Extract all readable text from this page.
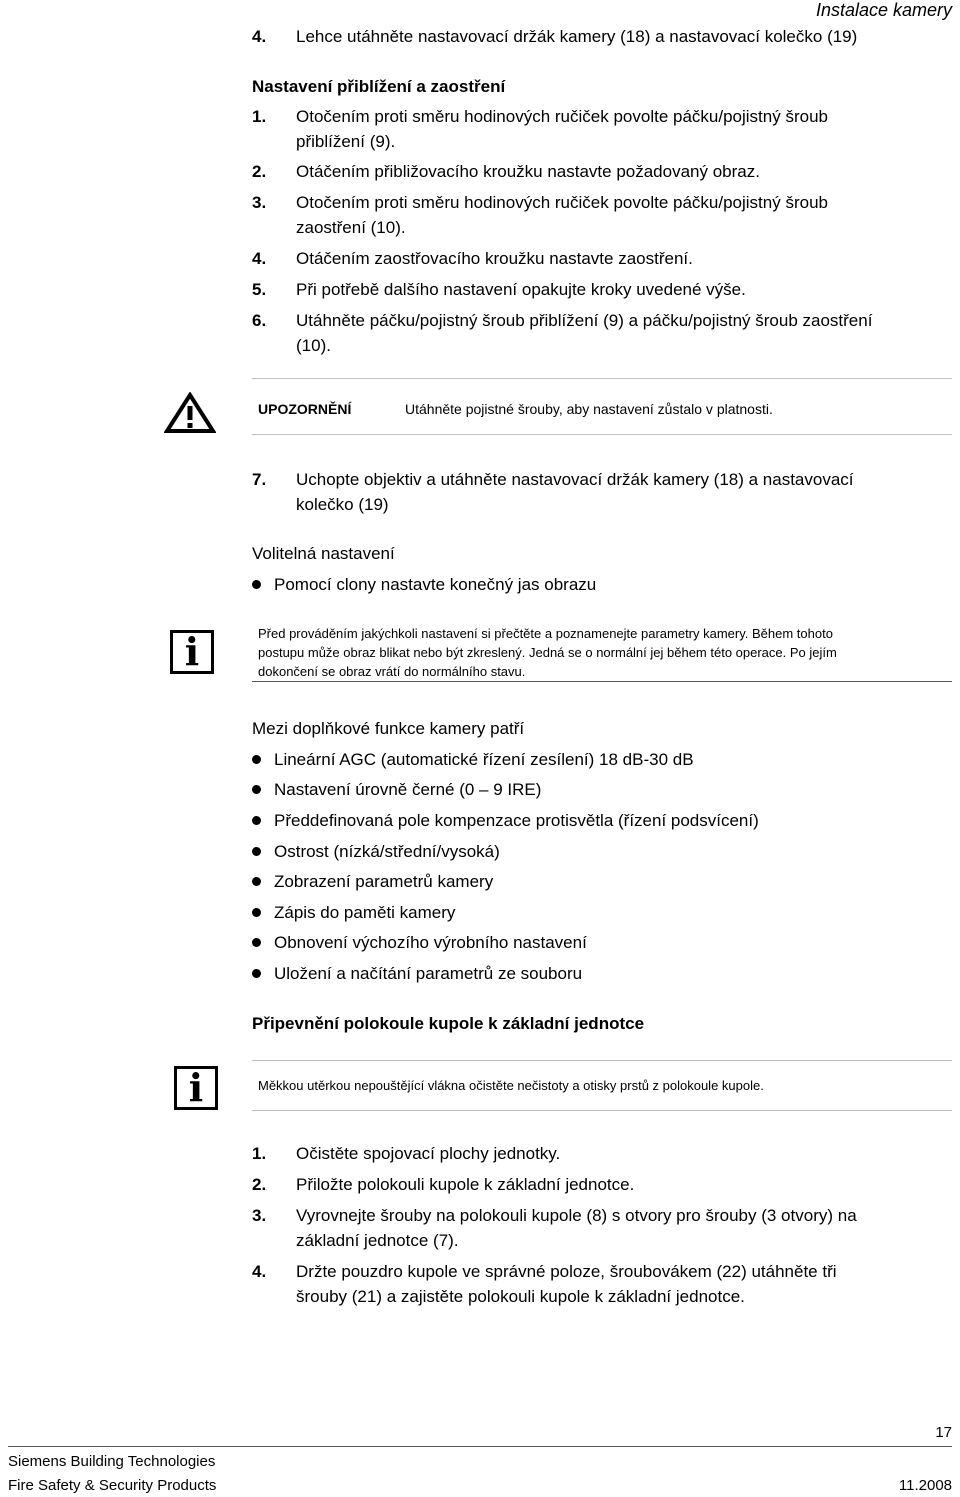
Instalace kamery
4. Lehce utáhněte nastavovací držák kamery (18) a nastavovací kolečko (19)
Nastavení přiblížení a zaostření
1. Otočením proti směru hodinových ručiček povolte páčku/pojistný šroub
přiblížení (9).
2. Otáčením přibližovacího kroužku nastavte požadovaný obraz.
3. Otočením proti směru hodinových ručiček povolte páčku/pojistný šroub
zaostření (10).
4. Otáčením zaostřovacího kroužku nastavte zaostření.
5. Při potřebě dalšího nastavení opakujte kroky uvedené výše.
6. Utáhněte páčku/pojistný šroub přiblížení (9) a páčku/pojistný šroub zaostření
(10).
UPOZORNĚNÍ	Utáhněte pojistné šrouby, aby nastavení zůstalo v platnosti.
7. Uchopte objektiv a utáhněte nastavovací držák kamery (18) a nastavovací
kolečko (19)
Volitelná nastavení
Pomocí clony nastavte konečný jas obrazu
i	Před prováděním jakýchkoli nastavení si přečtěte a poznamenejte parametry kamery. Během tohoto
postupu může obraz blikat nebo být zkreslený. Jedná se o normální jej během této operace. Po jejím
dokončení se obraz vrátí do normálního stavu.
Mezi doplňkové funkce kamery patří
Lineární AGC (automatické řízení zesílení) 18 dB-30 dB
Nastavení úrovně černé (0 – 9 IRE)
Předdefinovaná pole kompenzace protisvětla (řízení podsvícení)
Ostrost (nízká/střední/vysoká)
Zobrazení parametrů kamery
Zápis do paměti kamery
Obnovení výchozího výrobního nastavení
Uložení a načítání parametrů ze souboru
Připevnění polokoule kupole k základní jednotce
i	Měkkou utěrkou nepouštějící vlákna očistěte nečistoty a otisky prstů z polokoule kupole.
1. Očistěte spojovací plochy jednotky.
2. Přiložte polokouli kupole k základní jednotce.
3. Vyrovnejte šrouby na polokouli kupole (8) s otvory pro šrouby (3 otvory) na
základní jednotce (7).
4. Držte pouzdro kupole ve správné poloze, šroubovákem (22) utáhněte tři
šrouby (21) a zajistěte polokouli kupole k základní jednotce.
17
Siemens Building Technologies
Fire Safety & Security Products	11.2008
